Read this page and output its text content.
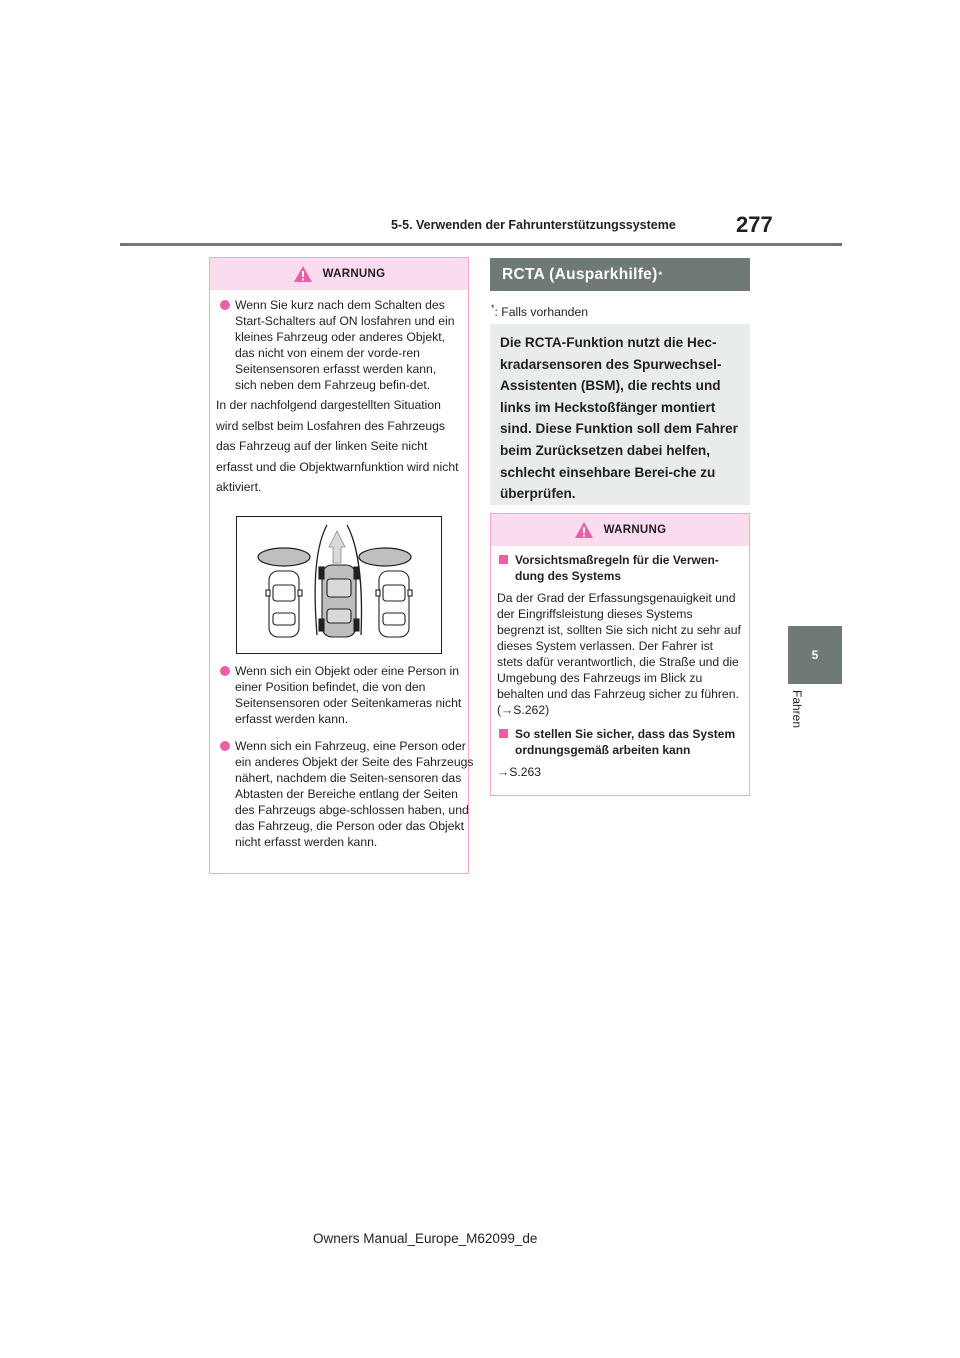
5-5. Verwenden der Fahrunterstützungssysteme	277
5
Fahren
WARNUNG
Wenn Sie kurz nach dem Schalten des Start-Schalters auf ON losfahren und ein kleines Fahrzeug oder anderes Objekt, das nicht von einem der vorde-ren Seitensensoren erfasst werden kann, sich neben dem Fahrzeug befin-det.
In der nachfolgend dargestellten Situation wird selbst beim Losfahren des Fahrzeugs das Fahrzeug auf der linken Seite nicht erfasst und die Objektwarnfunktion wird nicht aktiviert.
Wenn sich ein Objekt oder eine Person in einer Position befindet, die von den Seitensensoren oder Seitenkameras nicht erfasst werden kann.
Wenn sich ein Fahrzeug, eine Person oder ein anderes Objekt der Seite des Fahrzeugs nähert, nachdem die Seiten-sensoren das Abtasten der Bereiche entlang der Seiten des Fahrzeugs abge-schlossen haben, und das Fahrzeug, die Person oder das Objekt nicht erfasst werden kann.
RCTA (Ausparkhilfe) *
*: Falls vorhanden
Die RCTA-Funktion nutzt die Hec-kradarsensoren des Spurwechsel-Assistenten (BSM), die rechts und links im Heckstoßfänger montiert sind. Diese Funktion soll dem Fahrer beim Zurücksetzen dabei helfen, schlecht einsehbare Berei-che zu überprüfen.
WARNUNG
Vorsichtsmaßregeln für die Verwen-dung des Systems
Da der Grad der Erfassungsgenauigkeit und der Eingriffsleistung dieses Systems begrenzt ist, sollten Sie sich nicht zu sehr auf dieses System verlassen. Der Fahrer ist stets dafür verantwortlich, die Straße und die Umgebung des Fahrzeugs im Blick zu behalten und das Fahrzeug sicher zu führen. (→S.262)
So stellen Sie sicher, dass das System ordnungsgemäß arbeiten kann
→S.263
Owners Manual_Europe_M62099_de
